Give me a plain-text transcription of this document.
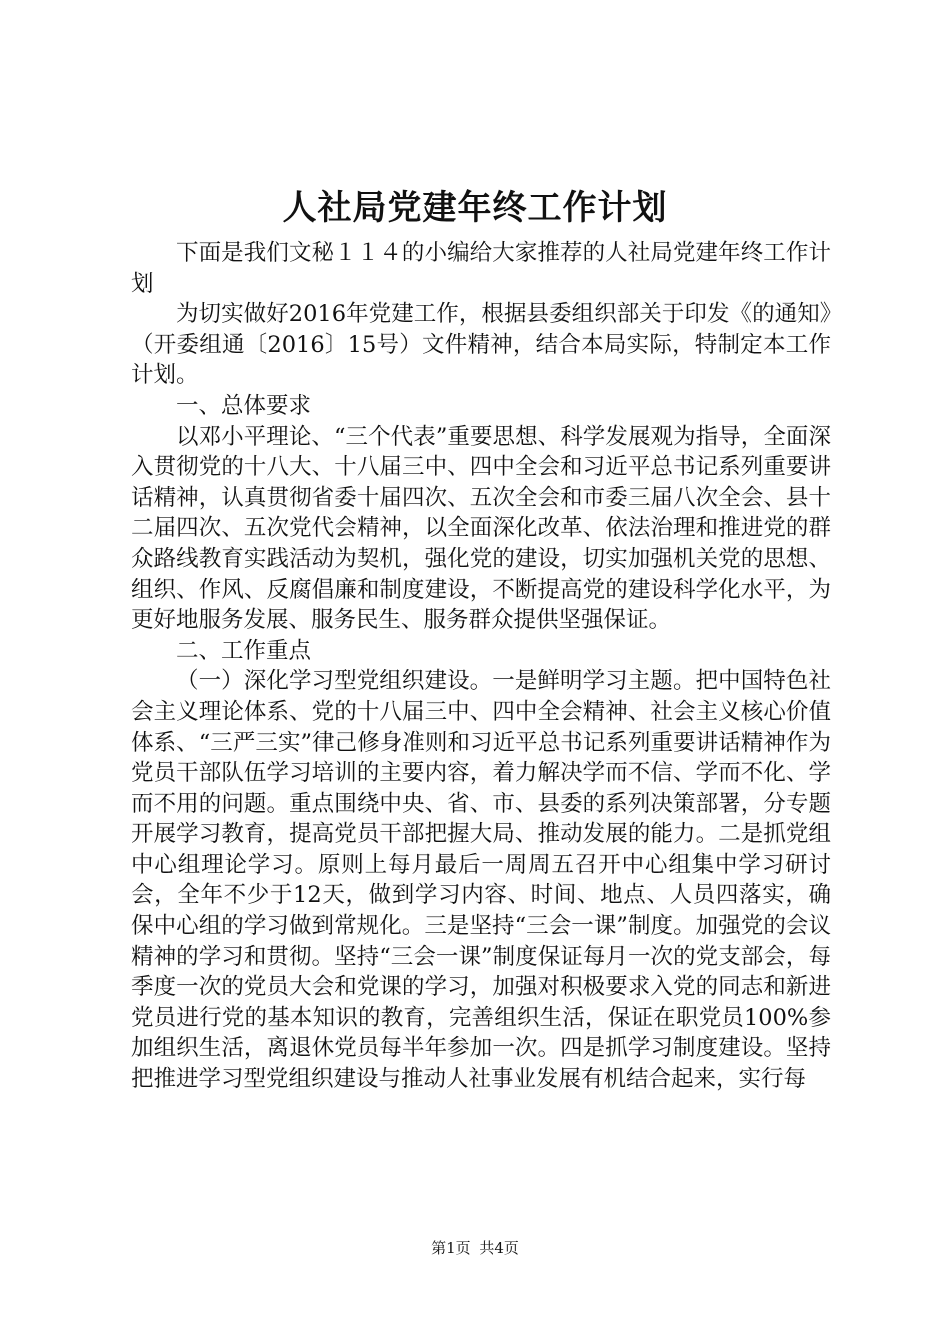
人社局党建年终工作计划

下面是我们文秘１１４的小编给大家推荐的人社局党建年终工作计划

为切实做好2016年党建工作，根据县委组织部关于印发《的通知》（开委组通〔2016〕15号）文件精神，结合本局实际，特制定本工作计划。

一、总体要求

以邓小平理论、“三个代表”重要思想、科学发展观为指导，全面深入贯彻党的十八大、十八届三中、四中全会和习近平总书记系列重要讲话精神，认真贯彻省委十届四次、五次全会和市委三届八次全会、县十二届四次、五次党代会精神，以全面深化改革、依法治理和推进党的群众路线教育实践活动为契机，强化党的建设，切实加强机关党的思想、组织、作风、反腐倡廉和制度建设，不断提高党的建设科学化水平，为更好地服务发展、服务民生、服务群众提供坚强保证。

二、工作重点

（一）深化学习型党组织建设。一是鲜明学习主题。把中国特色社会主义理论体系、党的十八届三中、四中全会精神、社会主义核心价值体系、“三严三实”律己修身准则和习近平总书记系列重要讲话精神作为党员干部队伍学习培训的主要内容，着力解决学而不信、学而不化、学而不用的问题。重点围绕中央、省、市、县委的系列决策部署，分专题开展学习教育，提高党员干部把握大局、推动发展的能力。二是抓党组中心组理论学习。原则上每月最后一周周五召开中心组集中学习研讨会，全年不少于12天，做到学习内容、时间、地点、人员四落实，确保中心组的学习做到常规化。三是坚持“三会一课”制度。加强党的会议精神的学习和贯彻。坚持“三会一课”制度保证每月一次的党支部会，每季度一次的党员大会和党课的学习，加强对积极要求入党的同志和新进党员进行党的基本知识的教育，完善组织生活，保证在职党员100%参加组织生活，离退休党员每半年参加一次。四是抓学习制度建设。坚持把推进学习型党组织建设与推动人社事业发展有机结合起来，实行每

第1页 共4页
